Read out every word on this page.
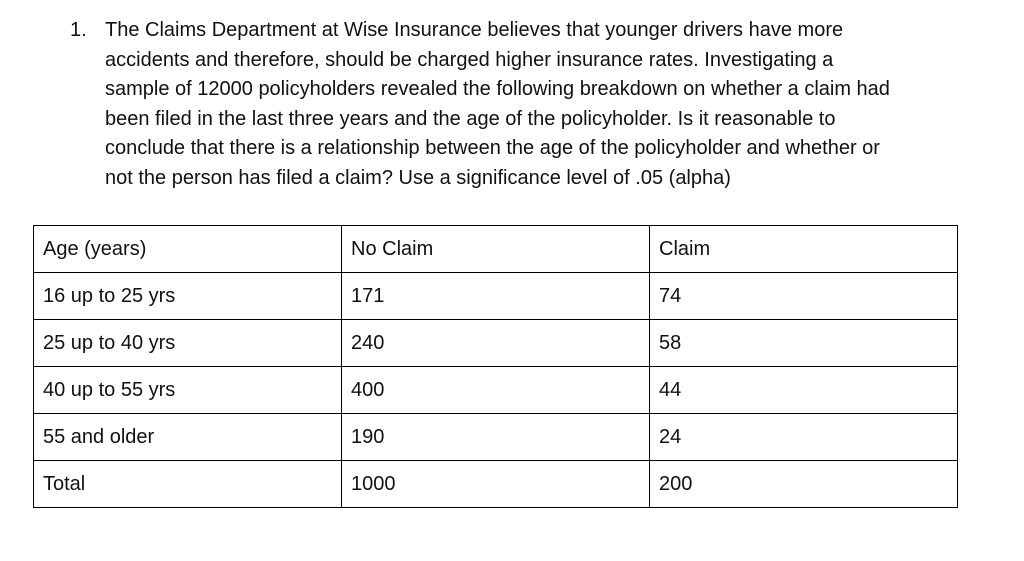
1. The Claims Department at Wise Insurance believes that younger drivers have more
accidents and therefore, should be charged higher insurance rates. Investigating a
sample of 12000 policyholders revealed the following breakdown on whether a claim had
been filed in the last three years and the age of the policyholder. Is it reasonable to
conclude that there is a relationship between the age of the policyholder and whether or
not the person has filed a claim? Use a significance level of .05 (alpha)
Age (years)	No Claim	Claim
16 up to 25 yrs	171	74
25 up to 40 yrs	240	58
40 up to 55 yrs	400	44
55 and older	190	24
Total	1000	200
